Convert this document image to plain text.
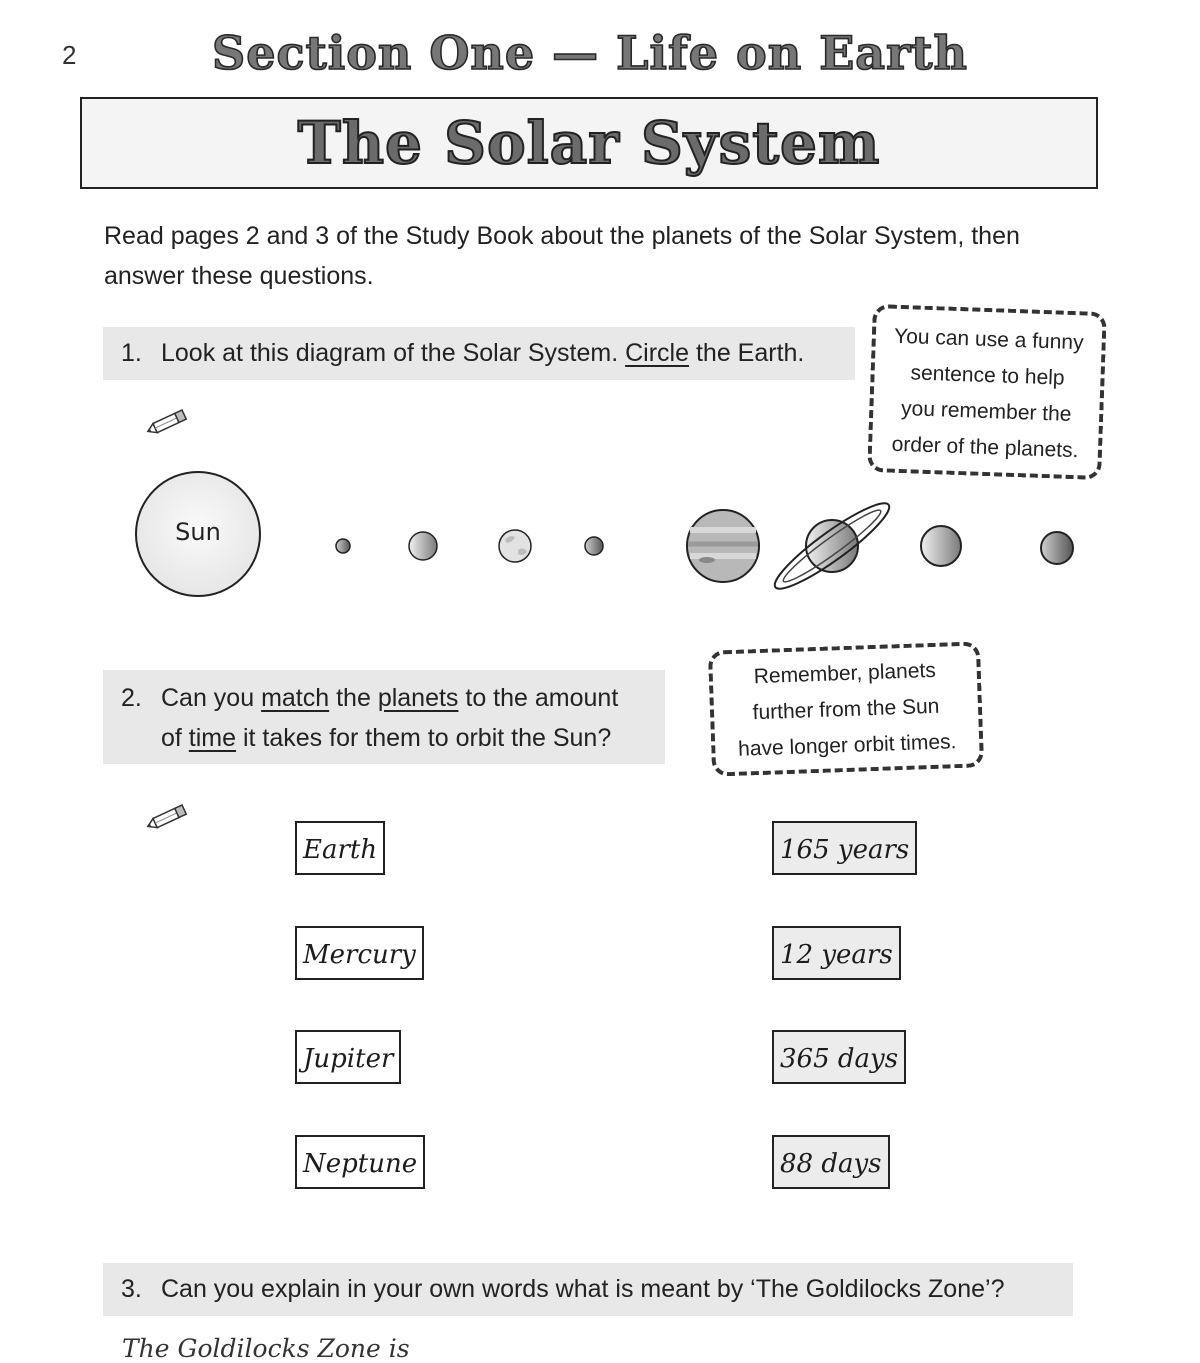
2	Section One — Life on Earth
The Solar System
Read pages 2 and 3 of the Study Book about the planets of the Solar System, then answer these questions.
1. Look at this diagram of the Solar System. Circle the Earth.	You can use a funny
sentence to help
you remember the
order of the planets.
Sun
2. Can you match the planets to the amount
of time it takes for them to orbit the Sun?
Remember, planets
further from the Sun
have longer orbit times.
Earth
Mercury
Jupiter
Neptune
165 years
12 years
365 days
88 days
3. Can you explain in your own words what is meant by ‘The Goldilocks Zone’?
The Goldilocks Zone is
